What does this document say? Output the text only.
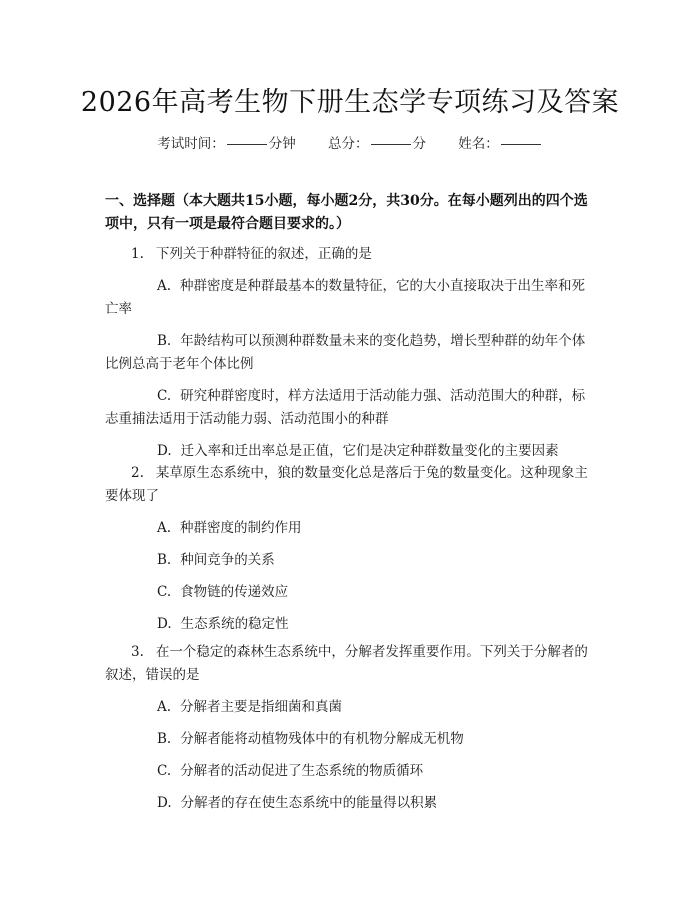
2026年高考生物下册生态学专项练习及答案
考试时间：	分钟 总分：	分 姓名：
一、选择题（本大题共15小题，每小题2分，共30分。在每小题列出的四个选项中，只有一项是最符合题目要求的。）

1. 下列关于种群特征的叙述，正确的是

A. 种群密度是种群最基本的数量特征，它的大小直接取决于出生率和死亡率

B. 年龄结构可以预测种群数量未来的变化趋势，增长型种群的幼年个体比例总高于老年个体比例

C. 研究种群密度时，样方法适用于活动能力强、活动范围大的种群，标志重捕法适用于活动能力弱、活动范围小的种群

D. 迁入率和迁出率总是正值，它们是决定种群数量变化的主要因素

2. 某草原生态系统中，狼的数量变化总是落后于兔的数量变化。这种现象主要体现了

A. 种群密度的制约作用

B. 种间竞争的关系

C. 食物链的传递效应

D. 生态系统的稳定性

3. 在一个稳定的森林生态系统中，分解者发挥重要作用。下列关于分解者的叙述，错误的是

A. 分解者主要是指细菌和真菌

B. 分解者能将动植物残体中的有机物分解成无机物

C. 分解者的活动促进了生态系统的物质循环

D. 分解者的存在使生态系统中的能量得以积累
